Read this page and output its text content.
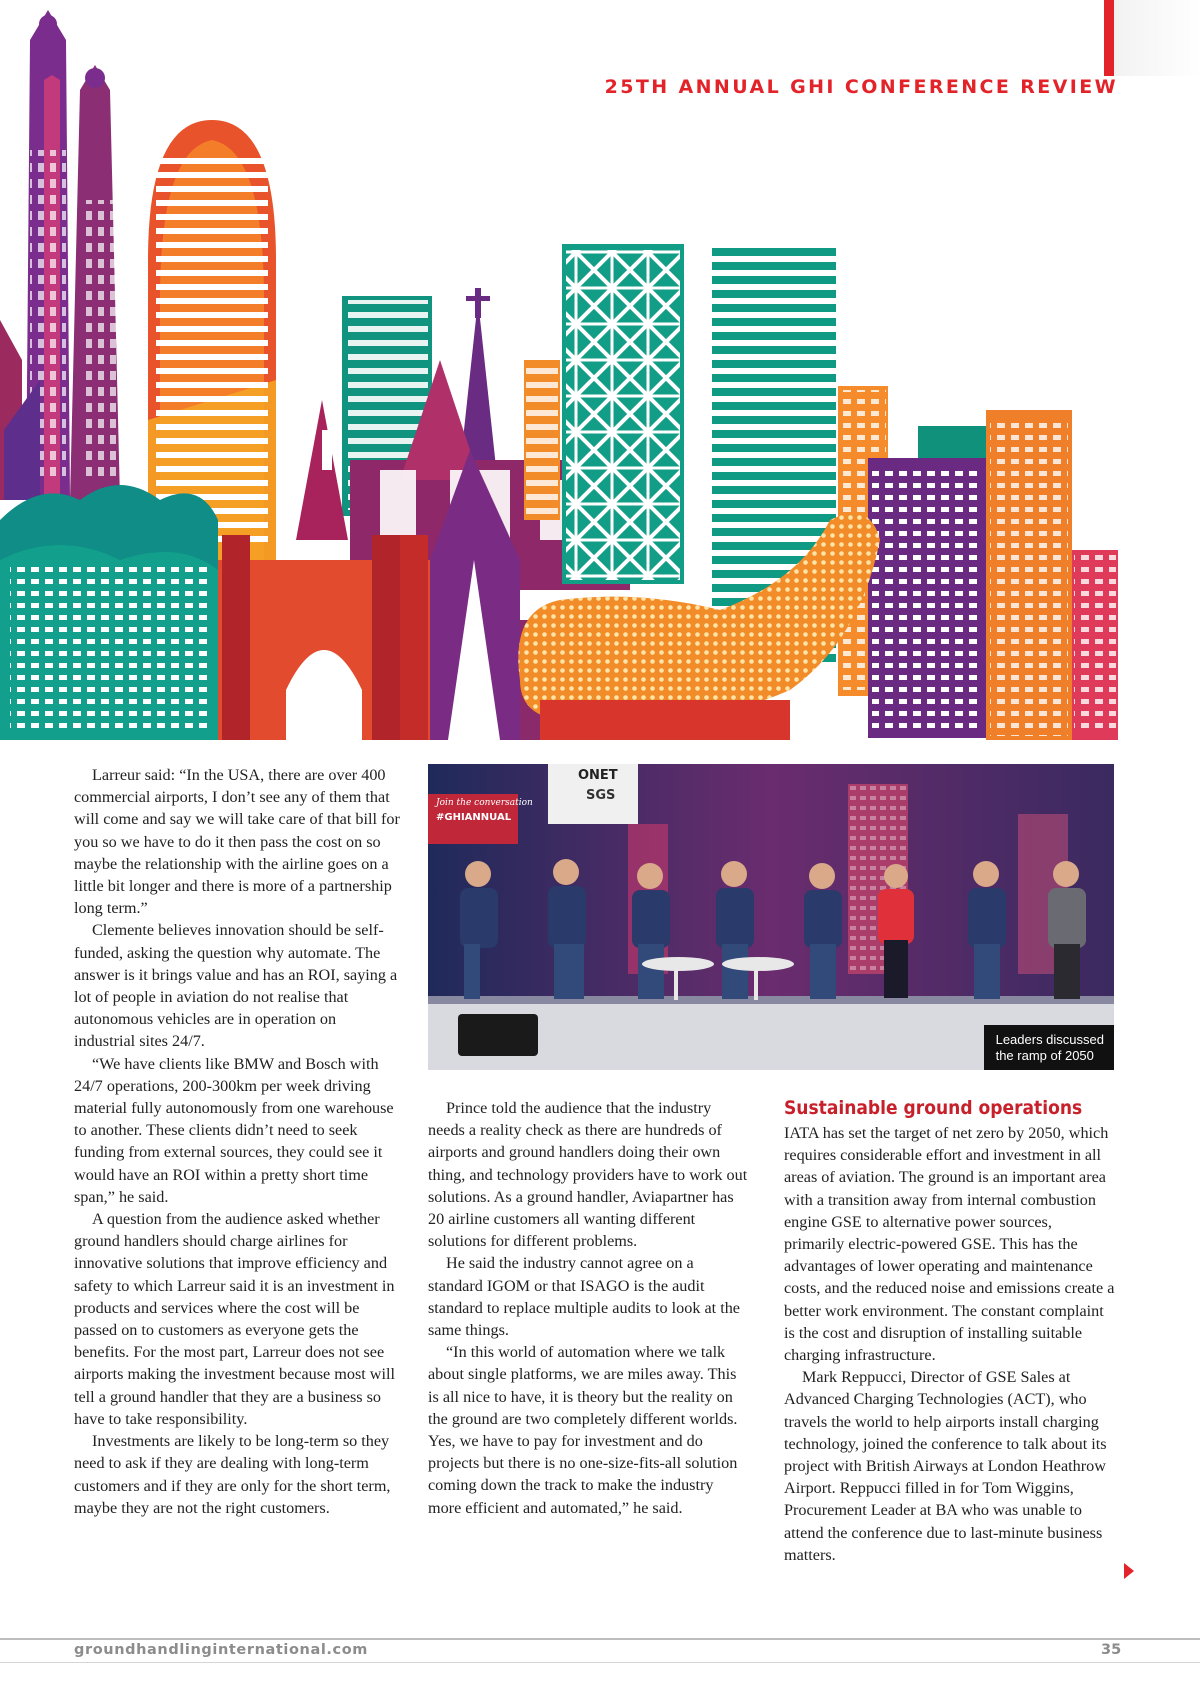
25TH ANNUAL GHI CONFERENCE REVIEW

Larreur said: “In the USA, there are over 400 commercial airports, I don’t see any of them that will come and say we will take care of that bill for you so we have to do it then pass the cost on so maybe the relationship with the airline goes on a little bit longer and there is more of a partnership long term.”

Clemente believes innovation should be self-funded, asking the question why automate. The answer is it brings value and has an ROI, saying a lot of people in aviation do not realise that autonomous vehicles are in operation on industrial sites 24/7.

“We have clients like BMW and Bosch with 24/7 operations, 200-300km per week driving material fully autonomously from one warehouse to another. These clients didn’t need to seek funding from external sources, they could see it would have an ROI within a pretty short time span,” he said.

A question from the audience asked whether ground handlers should charge airlines for innovative solutions that improve efficiency and safety to which Larreur said it is an investment in products and services where the cost will be passed on to customers as everyone gets the benefits. For the most part, Larreur does not see airports making the investment because most will tell a ground handler that they are a business so have to take responsibility.

Investments are likely to be long-term so they need to ask if they are dealing with long-term customers and if they are only for the short term, maybe they are not the right customers.

ONET
SGS
Join the conversation
#GHIANNUAL
Leaders discussed
the ramp of 2050

Prince told the audience that the industry needs a reality check as there are hundreds of airports and ground handlers doing their own thing, and technology providers have to work out solutions. As a ground handler, Aviapartner has 20 airline customers all wanting different solutions for different problems.

He said the industry cannot agree on a standard IGOM or that ISAGO is the audit standard to replace multiple audits to look at the same things.

“In this world of automation where we talk about single platforms, we are miles away. This is all nice to have, it is theory but the reality on the ground are two completely different worlds. Yes, we have to pay for investment and do projects but there is no one-size-fits-all solution coming down the track to make the industry more efficient and automated,” he said.

Sustainable ground operations

IATA has set the target of net zero by 2050, which requires considerable effort and investment in all areas of aviation. The ground is an important area with a transition away from internal combustion engine GSE to alternative power sources, primarily electric-powered GSE. This has the advantages of lower operating and maintenance costs, and the reduced noise and emissions create a better work environment. The constant complaint is the cost and disruption of installing suitable charging infrastructure.

Mark Reppucci, Director of GSE Sales at Advanced Charging Technologies (ACT), who travels the world to help airports install charging technology, joined the conference to talk about its project with British Airways at London Heathrow Airport. Reppucci filled in for Tom Wiggins, Procurement Leader at BA who was unable to attend the conference due to last-minute business matters.

groundhandlinginternational.com	35
